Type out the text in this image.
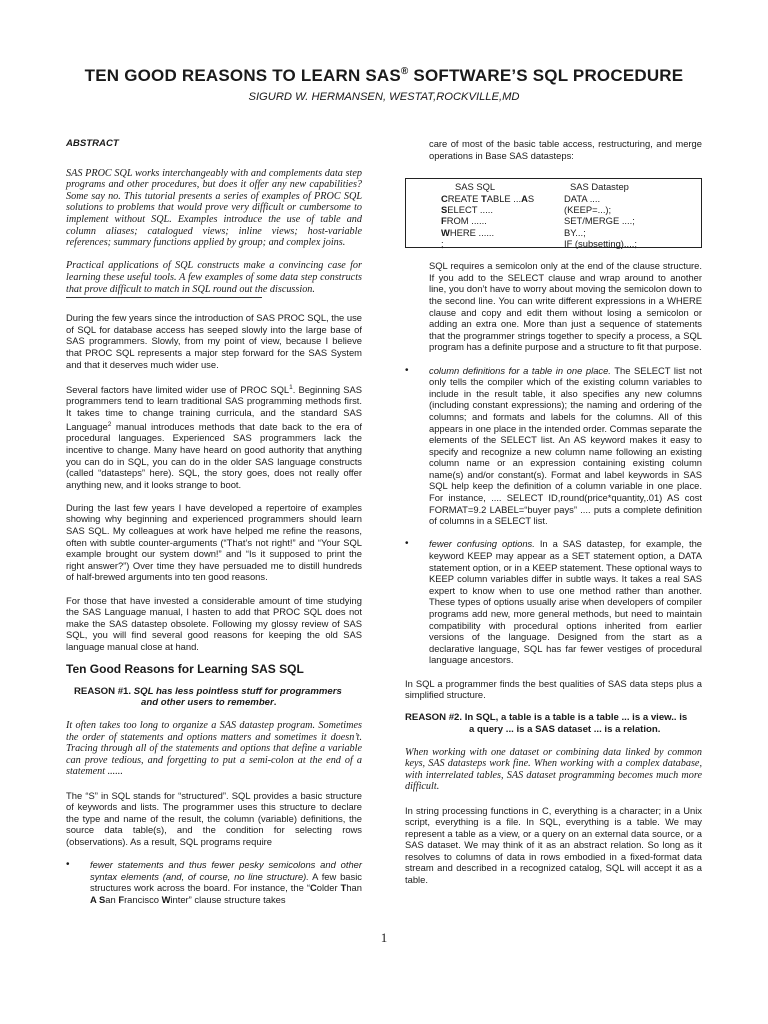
TEN GOOD REASONS TO LEARN SAS® SOFTWARE’S SQL PROCEDURE
SIGURD W. HERMANSEN, WESTAT,ROCKVILLE,MD
ABSTRACT
SAS PROC SQL works interchangeably with and complements data step programs and other procedures, but does it offer any new capabilities? Some say no. This tutorial presents a series of examples of PROC SQL solutions to problems that would prove very difficult or cumbersome to implement without SQL. Examples introduce the use of table and column aliases; catalogued views; inline views; host-variable references; summary functions applied by group; and complex joins.
Practical applications of SQL constructs make a convincing case for learning these useful tools. A few examples of some data step constructs that prove difficult to match in SQL round out the discussion.
During the few years since the introduction of SAS PROC SQL, the use of SQL for database access has seeped slowly into the large base of SAS programmers. Slowly, from my point of view, because I believe that PROC SQL represents a major step forward for the SAS System and that it deserves much wider use.
Several factors have limited wider use of PROC SQL$^1$. Beginning SAS programmers tend to learn traditional SAS programming methods first. It takes time to change training curricula, and the standard SAS Language$^2$ manual introduces methods that date back to the era of procedural languages. Experienced SAS programmers lack the incentive to change. Many have heard on good authority that anything you can do in SQL, you can do in the older SAS language constructs (called “datasteps” here). SQL, the story goes, does not really offer anything new, and it looks strange to boot.
During the last few years I have developed a repertoire of examples showing why beginning and experienced programmers should learn SAS SQL. My colleagues at work have helped me refine the reasons, often with subtle counter-arguments (“That’s not right!” and “Your SQL example brought our system down!” and “Is it supposed to print the right answer?”) Over time they have persuaded me to distill hundreds of half-brewed arguments into ten good reasons.
For those that have invested a considerable amount of time studying the SAS Language manual, I hasten to add that PROC SQL does not make the SAS datastep obsolete. Following my glossy review of SAS SQL, you will find several good reasons for keeping the old SAS language manual close at hand.
Ten Good Reasons for Learning SAS SQL
REASON #1. SQL has less pointless stuff for programmers
and other users to remember.
It often takes too long to organize a SAS datastep program. Sometimes the order of statements and options matters and sometimes it doesn’t. Tracing through all of the statements and options that define a variable can prove tedious, and forgetting to put a semi-colon at the end of a statement ......
The “S” in SQL stands for “structured”. SQL provides a basic structure of keywords and lists. The programmer uses this structure to declare the type and name of the result, the column (variable) definitions, the source data table(s), and the condition for selecting rows (observations). As a result, SQL programs require
• fewer statements and thus fewer pesky semicolons and other syntax elements (and, of course, no line structure). A few basic structures work across the board. For instance, the “Colder Than A San Francisco Winter” clause structure takes
care of most of the basic table access, restructuring, and merge operations in Base SAS datasteps:
SAS SQL
CREATE TABLE ...AS
SELECT .....
FROM ......
WHERE ......
;
SAS Datastep
DATA ....
(KEEP=...);
SET/MERGE ....;
BY...;
IF (subsetting)....;
SQL requires a semicolon only at the end of the clause structure. If you add to the SELECT clause and wrap around to another line, you don’t have to worry about moving the semicolon down to the second line. You can write different expressions in a WHERE clause and copy and edit them without losing a semicolon or adding an extra one. More than just a sequence of statements that the programmer strings together to specify a process, a SQL program has a definite purpose and a structure to fit that purpose.
• column definitions for a table in one place. The SELECT list not only tells the compiler which of the existing column variables to include in the result table, it also specifies any new columns (including constant expressions); the naming and ordering of the columns; and formats and labels for the columns. All of this appears in one place in the intended order. Commas separate the elements of the SELECT list. An AS keyword makes it easy to specify and recognize a new column name following an existing column name or an expression containing existing column name(s) and/or constant(s). Format and label keywords in SAS SQL help keep the definition of a column variable in one place. For instance, .... SELECT ID,round(price*quantity,.01) AS cost FORMAT=9.2 LABEL=“buyer pays” .... puts a complete definition of columns in a SELECT list.
• fewer confusing options. In a SAS datastep, for example, the keyword KEEP may appear as a SET statement option, a DATA statement option, or in a KEEP statement. These optional ways to KEEP column variables differ in subtle ways. It takes a real SAS expert to know when to use one method rather than another. These types of options usually arise when developers of compiler programs add new, more general methods, but need to maintain compatibility with procedural options inherited from earlier versions of the language. Designed from the start as a declarative language, SQL has far fewer vestiges of procedural language ancestors.
In SQL a programmer finds the best qualities of SAS data steps plus a simplified structure.
REASON #2. In SQL, a table is a table is a table ... is a view.. is
a query ... is a SAS dataset ... is a relation.
When working with one dataset or combining data linked by common keys, SAS datasteps work fine. When working with a complex database, with interrelated tables, SAS dataset programming becomes much more difficult.
In string processing functions in C, everything is a character; in a Unix script, everything is a file. In SQL, everything is a table. We may represent a table as a view, or a query on an external data source, or a SAS dataset. We may think of it as an abstract relation. So long as it resolves to columns of data in rows embodied in a fixed-format data stream and described in a recognized catalog, SQL will accept it as a table.
1
